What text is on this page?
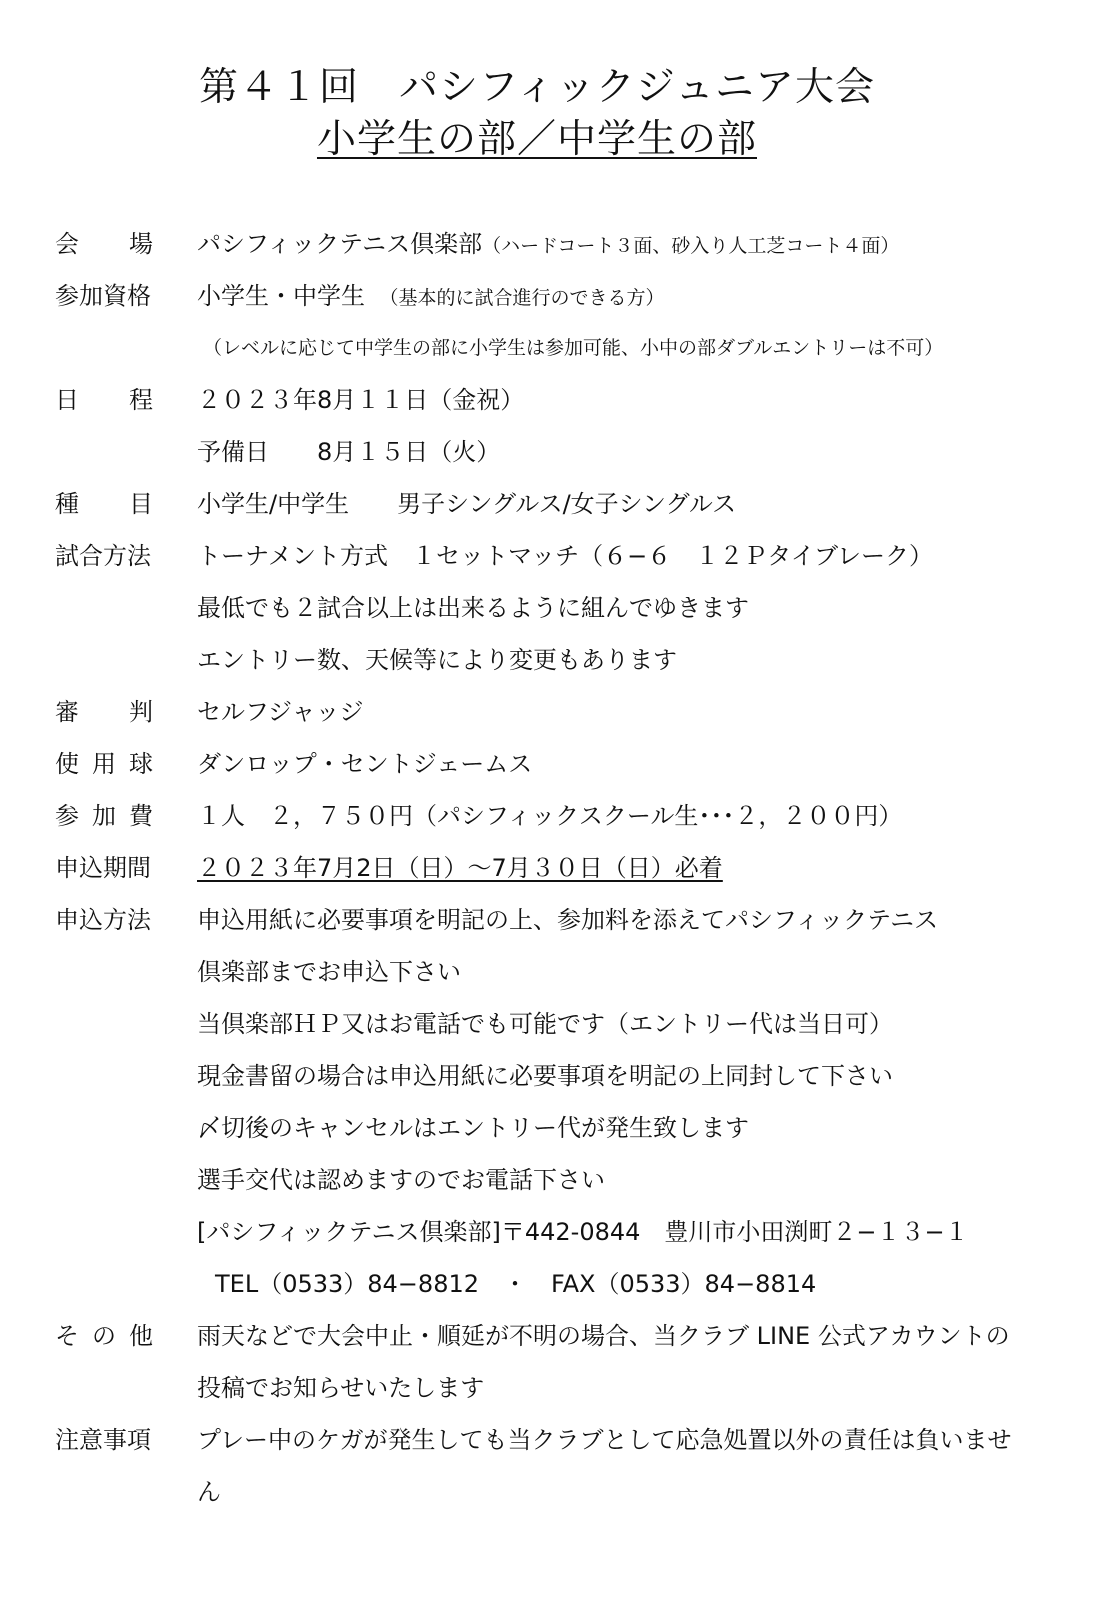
第４１回　パシフィックジュニア大会
小学生の部／中学生の部
会 場 パシフィックテニス倶楽部（ハードコート３面、砂入り人工芝コート４面）
参加資格 小学生・中学生　 （基本的に試合進行のできる方）
（レベルに応じて中学生の部に小学生は参加可能、小中の部ダブルエントリーは不可）
日 程 ２０２３年8月１１日（金祝）
予備日　　8月１５日（火）
種 目 小学生/中学生　　男子シングルス/女子シングルス
試合方法 トーナメント方式　１セットマッチ（６−６　１２Ｐタイブレーク）
最低でも２試合以上は出来るように組んでゆきます
エントリー数、天候等により変更もあります
審 判 セルフジャッジ
使 用 球 ダンロップ・セントジェームス
参 加 費 １人　２，７５０円（パシフィックスクール生･･･２，２００円）
申込期間 ２０２３年7月2日（日）～7月３０日（日）必着
申込方法 申込用紙に必要事項を明記の上、参加料を添えてパシフィックテニス
倶楽部までお申込下さい
当倶楽部ＨＰ又はお電話でも可能です（エントリー代は当日可）
現金書留の場合は申込用紙に必要事項を明記の上同封して下さい
〆切後のキャンセルはエントリー代が発生致します
選手交代は認めますのでお電話下さい
[パシフィックテニス倶楽部]〒442-0844　豊川市小田渕町２−１３−１
TEL（0533）84−8812　・　FAX（0533）84−8814
そ の 他 雨天などで大会中止・順延が不明の場合、当クラブ LINE 公式アカウントの
投稿でお知らせいたします
注意事項 プレー中のケガが発生しても当クラブとして応急処置以外の責任は負いませ
ん
